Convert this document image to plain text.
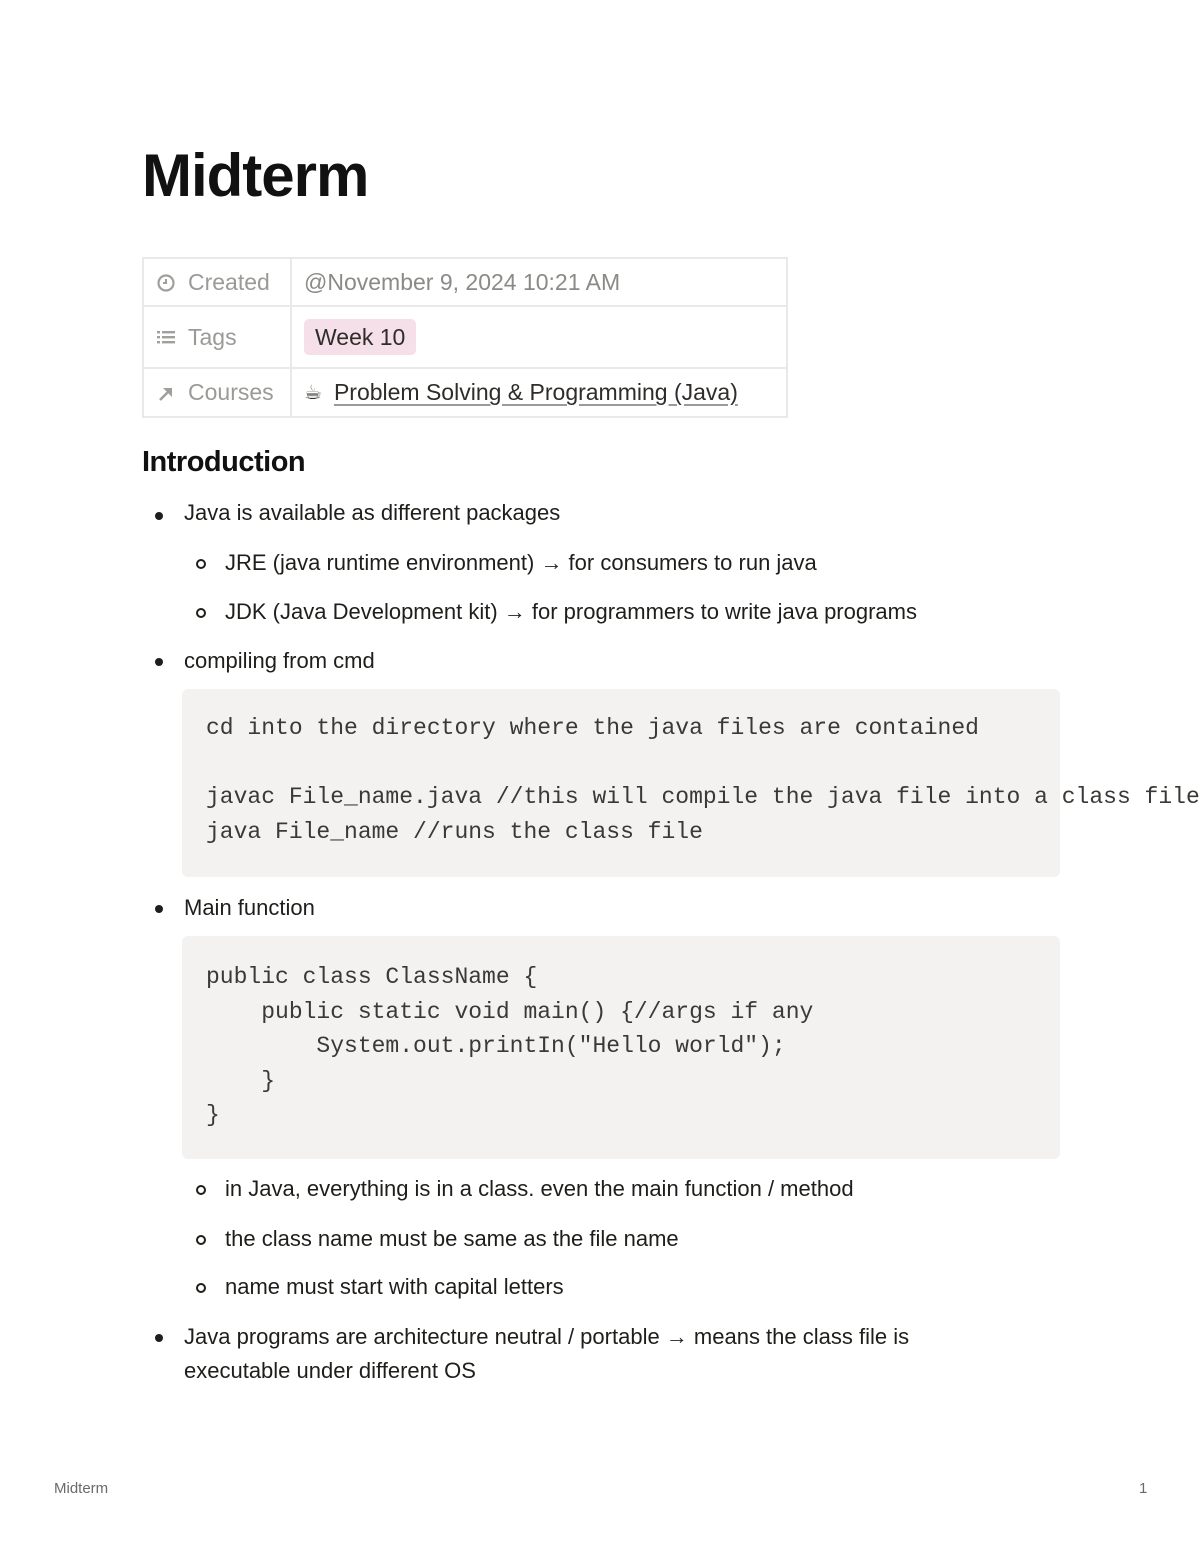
Midterm
Created	@November 9, 2024 10:21 AM

Tags	Week 10

Courses	☕ Problem Solving & Programming (Java)
Introduction

Java is available as different packages

JRE (java runtime environment) → for consumers to run java

JDK (Java Development kit) → for programmers to write java programs

compiling from cmd

cd into the directory where the java files are contained

javac File_name.java //this will compile the java file into a class file
java File_name //runs the class file

Main function

public class ClassName {
public static void main() {//args if any
System.out.printIn("Hello world");
}
}

in Java, everything is in a class. even the main function / method

the class name must be same as the file name

name must start with capital letters

Java programs are architecture neutral / portable → means the class file is

executable under different OS

Midterm	1
